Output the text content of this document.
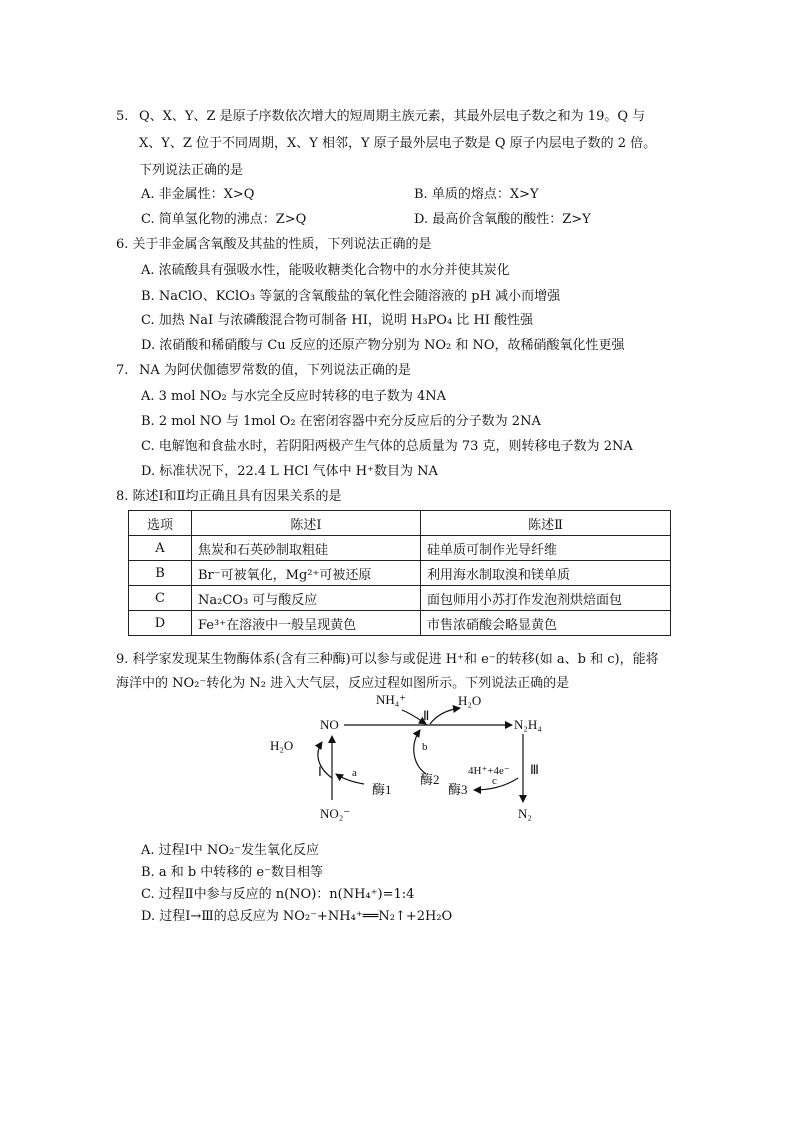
5. Q、X、Y、Z 是原子序数依次增大的短周期主族元素，其最外层电子数之和为 19。Q 与
X、Y、Z 位于不同周期，X、Y 相邻，Y 原子最外层电子数是 Q 原子内层电子数的 2 倍。
下列说法正确的是
A. 非金属性：X>Q	B. 单质的熔点：X>Y
C. 简单氢化物的沸点：Z>Q	D. 最高价含氧酸的酸性：Z>Y
6. 关于非金属含氧酸及其盐的性质，下列说法正确的是
A. 浓硫酸具有强吸水性，能吸收糖类化合物中的水分并使其炭化
B. NaClO、KClO₃ 等氯的含氧酸盐的氧化性会随溶液的 pH 减小而增强
C. 加热 NaI 与浓磷酸混合物可制备 HI，说明 H₃PO₄ 比 HI 酸性强
D. 浓硝酸和稀硝酸与 Cu 反应的还原产物分别为 NO₂ 和 NO，故稀硝酸氧化性更强
7. NA 为阿伏伽德罗常数的值，下列说法正确的是
A. 3 mol NO₂ 与水完全反应时转移的电子数为 4NA
B. 2 mol NO 与 1mol O₂ 在密闭容器中充分反应后的分子数为 2NA
C. 电解饱和食盐水时，若阴阳两极产生气体的总质量为 73 克，则转移电子数为 2NA
D. 标准状况下，22.4 L HCl 气体中 H⁺数目为 NA
8. 陈述Ⅰ和Ⅱ均正确且具有因果关系的是
选项	陈述Ⅰ	陈述Ⅱ
A	焦炭和石英砂制取粗硅	硅单质可制作光导纤维
B	Br⁻可被氧化，Mg²⁺可被还原	利用海水制取溴和镁单质
C	Na₂CO₃ 可与酸反应	面包师用小苏打作发泡剂烘焙面包
D	Fe³⁺在溶液中一般呈现黄色	市售浓硝酸会略显黄色
9. 科学家发现某生物酶体系(含有三种酶)可以参与或促进 H⁺和 e⁻的转移(如 a、b 和 c)，能将
海洋中的 NO₂⁻转化为 N₂ 进入大气层，反应过程如图所示。下列说法正确的是
NO
NH₄⁺	H₂O
N₂H₄
H₂O
NO₂⁻	N₂
Ⅰ
Ⅱ
Ⅲ
a
b
c
酶1
酶2
酶3
4H⁺+4e⁻
A. 过程Ⅰ中 NO₂⁻发生氧化反应
B. a 和 b 中转移的 e⁻数目相等
C. 过程Ⅱ中参与反应的 n(NO)：n(NH₄⁺)=1:4
D. 过程Ⅰ→Ⅲ的总反应为 NO₂⁻+NH₄⁺══N₂↑+2H₂O
